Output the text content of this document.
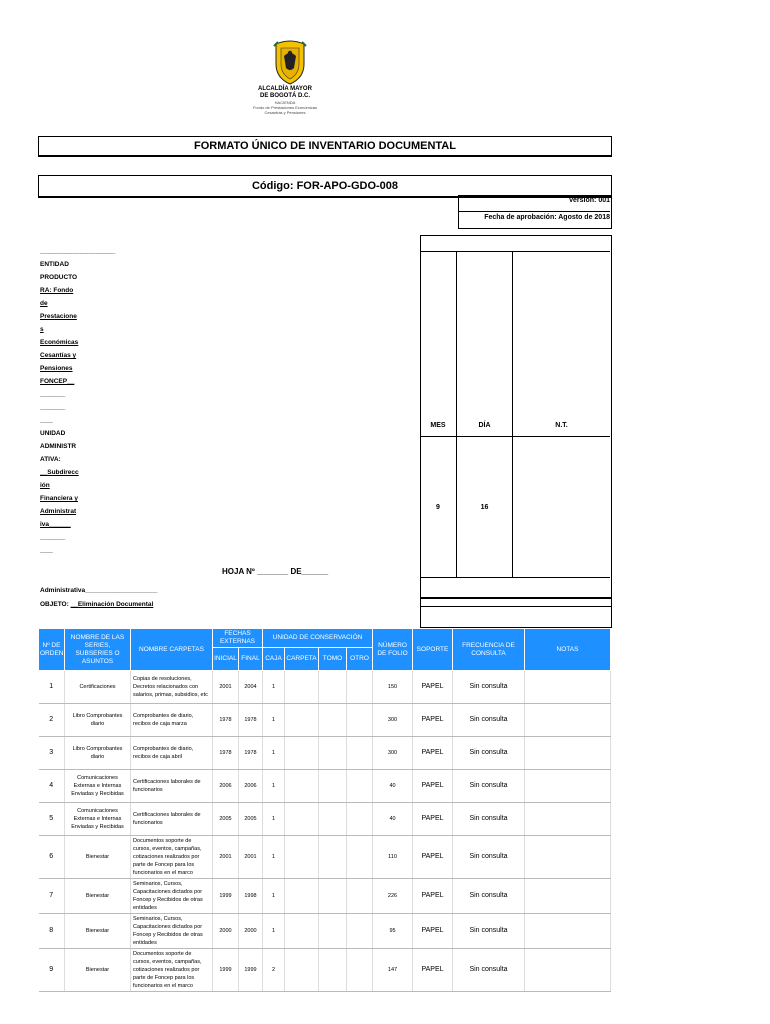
ALCALDÍA MAYOR
DE BOGOTÁ D.C.
HACIENDA
Fondo de Prestaciones Económicas
Cesantías y Pensiones
FORMATO ÚNICO DE INVENTARIO DOCUMENTAL
Código: FOR-APO-GDO-008
Versión: 001
Fecha de aprobación: Agosto de 2018
________________________
ENTIDAD
PRODUCTO
RA: Fondo
de
Prestacione
s
Económicas
Cesantías y
Pensiones
FONCEP__
________
________
____
UNIDAD
ADMINISTR
ATIVA:
__Subdirecc
ión
Financiera y
Administrat
iva______
________
____
MES	DÍA	N.T.
9	16
HOJA Nº _______ DE______
Administrativa____________________
OBJETO: __Eliminación Documental
Nº DE ORDEN	NOMBRE DE LAS SERIES, SUBSERIES O ASUNTOS	NOMBRE CARPETAS	FECHAS EXTERNAS		UNIDAD DE CONSERVACIÓN				NÚMERO DE FOLIO	SOPORTE	FRECUENCIA DE CONSULTA	NOTAS
			INICIAL	FINAL	CAJA	CARPETA	TOMO	OTRO				
1	Certificaciones	Copias de resoluciones, Decretos relacionados con salarios, primas, subsidios, etc	2001	2004	1				150	PAPEL	Sin consulta	
2	Libro Comprobantes diario	Comprobantes de diario, recibos de caja marza	1978	1978	1				300	PAPEL	Sin consulta	
3	Libro Comprobantes diario	Comprobantes de diario, recibos de caja abril	1978	1978	1				300	PAPEL	Sin consulta	
4	Comunicaciones Externas e Internas Enviadas y Recibidas	Certificaciones laborales de funcionarios	2006	2006	1				40	PAPEL	Sin consulta	
5	Comunicaciones Externas e Internas Enviadas y Recibidas	Certificaciones laborales de funcionarios	2005	2005	1				40	PAPEL	Sin consulta	
6	Bienestar	Documentos soporte de cursos, eventos, campañas, cotizaciones realizados por parte de Foncep para los funcionarios en el marco	2001	2001	1				110	PAPEL	Sin consulta	
7	Bienestar	Seminarios, Cursos, Capacitaciones dictados por Foncep y Recibidos de otras entidades	1999	1998	1				226	PAPEL	Sin consulta	
8	Bienestar	Seminarios, Cursos, Capacitaciones dictados por Foncep y Recibidos de otras entidades	2000	2000	1				95	PAPEL	Sin consulta	
9	Bienestar	Documentos soporte de cursos, eventos, campañas, cotizaciones realizados por parte de Foncep para los funcionarios en el marco	1999	1999	2				147	PAPEL	Sin consulta	
